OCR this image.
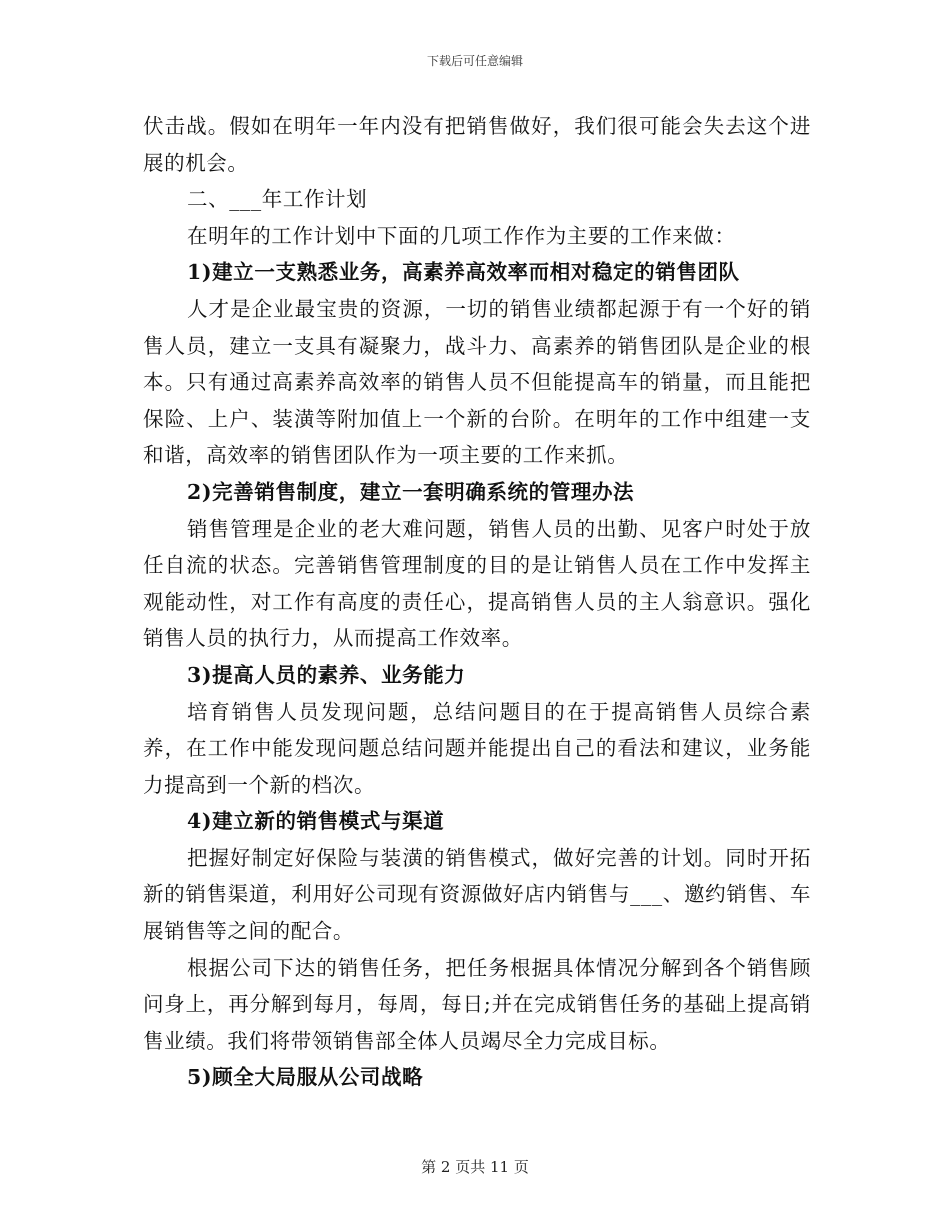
下载后可任意编辑

伏击战。假如在明年一年内没有把销售做好，我们很可能会失去这个进展的机会。

二、___年工作计划

在明年的工作计划中下面的几项工作作为主要的工作来做：

1)建立一支熟悉业务，高素养高效率而相对稳定的销售团队

人才是企业最宝贵的资源，一切的销售业绩都起源于有一个好的销售人员，建立一支具有凝聚力，战斗力、高素养的销售团队是企业的根本。只有通过高素养高效率的销售人员不但能提高车的销量，而且能把保险、上户、装潢等附加值上一个新的台阶。在明年的工作中组建一支和谐，高效率的销售团队作为一项主要的工作来抓。

2)完善销售制度，建立一套明确系统的管理办法

销售管理是企业的老大难问题，销售人员的出勤、见客户时处于放任自流的状态。完善销售管理制度的目的是让销售人员在工作中发挥主观能动性，对工作有高度的责任心，提高销售人员的主人翁意识。强化销售人员的执行力，从而提高工作效率。

3)提高人员的素养、业务能力

培育销售人员发现问题，总结问题目的在于提高销售人员综合素养，在工作中能发现问题总结问题并能提出自己的看法和建议，业务能力提高到一个新的档次。

4)建立新的销售模式与渠道

把握好制定好保险与装潢的销售模式，做好完善的计划。同时开拓新的销售渠道，利用好公司现有资源做好店内销售与___、邀约销售、车展销售等之间的配合。

根据公司下达的销售任务，把任务根据具体情况分解到各个销售顾问身上，再分解到每月，每周，每日;并在完成销售任务的基础上提高销售业绩。我们将带领销售部全体人员竭尽全力完成目标。

5)顾全大局服从公司战略

第 2 页共 11 页
